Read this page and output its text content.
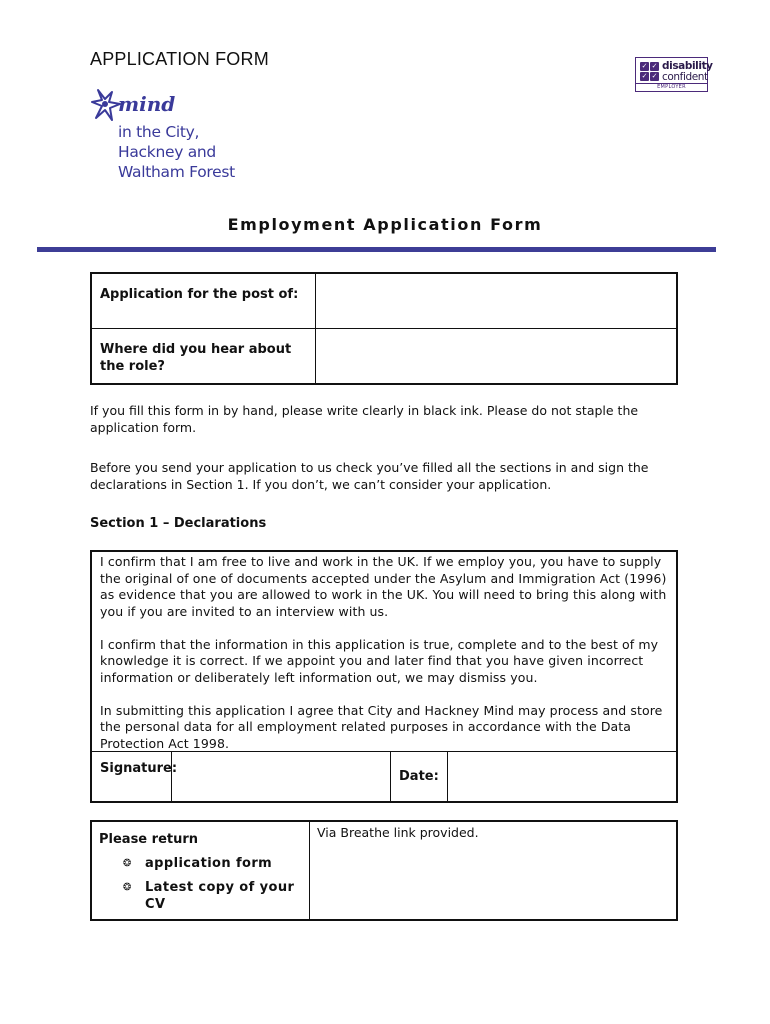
APPLICATION FORM
mind
in the City,
Hackney and
Waltham Forest
✓ ✓
✓ ✓
disability
confident
EMPLOYER
Employment Application Form
Application for the post of:	
Where did you hear about the role?	
If you fill this form in by hand, please write clearly in black ink. Please do not staple the application form.
Before you send your application to us check you’ve filled all the sections in and sign the declarations in Section 1. If you don’t, we can’t consider your application.
Section 1 – Declarations

I confirm that I am free to live and work in the UK. If we employ you, you have to supply the original of one of documents accepted under the Asylum and Immigration Act (1996) as evidence that you are allowed to work in the UK. You will need to bring this along with you if you are invited to an interview with us.

I confirm that the information in this application is true, complete and to the best of my knowledge it is correct. If we appoint you and later find that you have given incorrect information or deliberately left information out, we may dismiss you.

In submitting this application I agree that City and Hackney Mind may process and store the personal data for all employment related purposes in accordance with the Data Protection Act 1998.

Signature:
Date:
Please return
❂ application form
❂ Latest copy of your CV
Via Breathe link provided.
